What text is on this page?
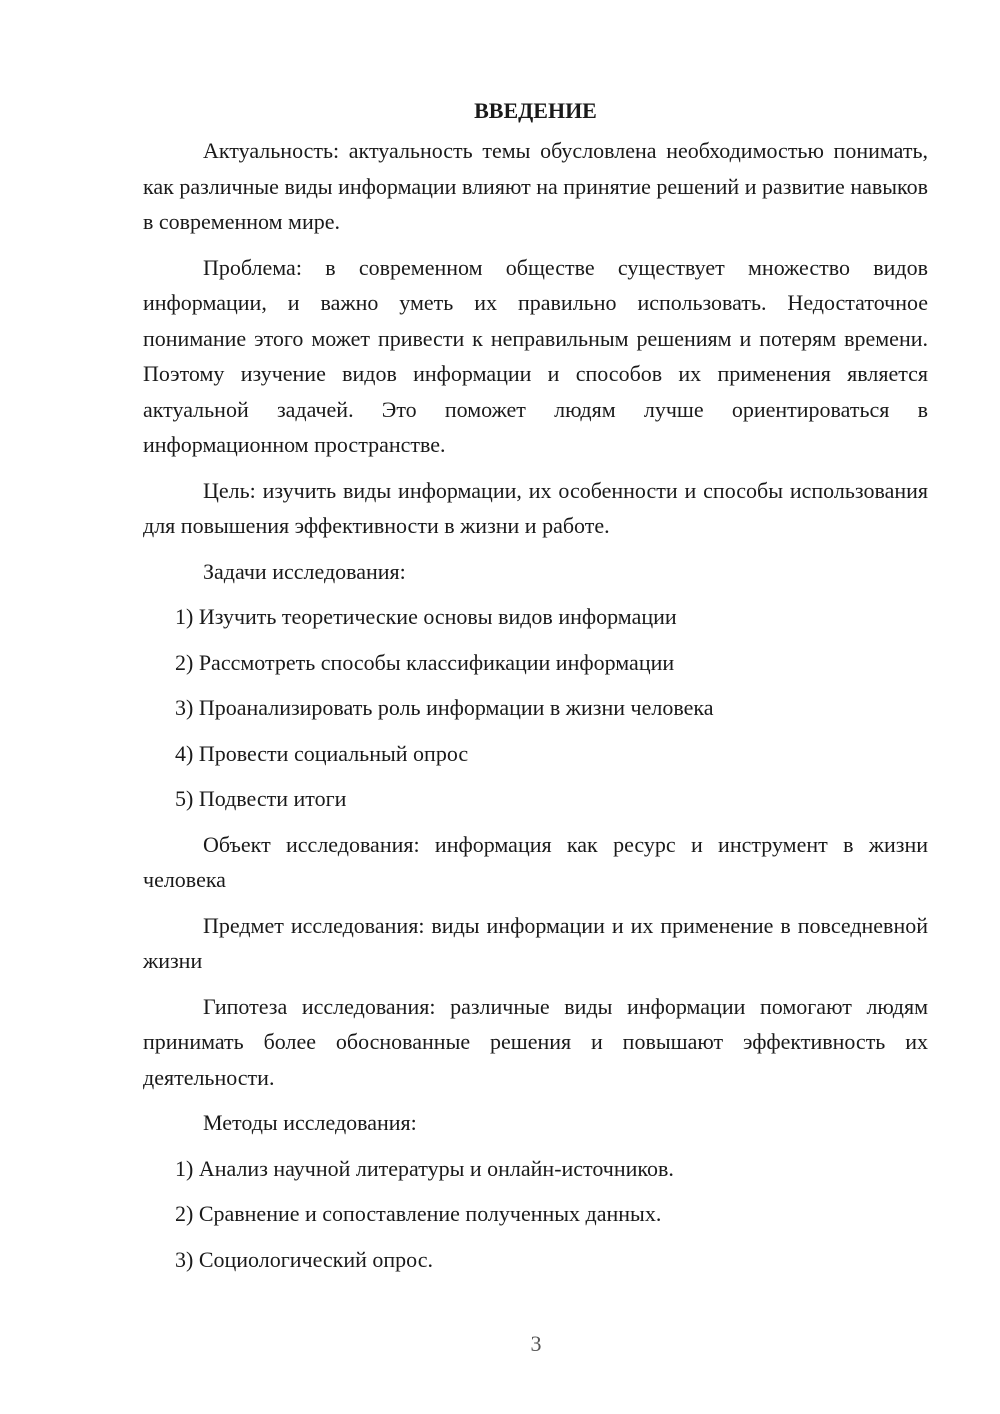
ВВЕДЕНИЕ

Актуальность: актуальность темы обусловлена необходимостью понимать, как различные виды информации влияют на принятие решений и развитие навыков в современном мире.

Проблема: в современном обществе существует множество видов информации, и важно уметь их правильно использовать. Недостаточное понимание этого может привести к неправильным решениям и потерям времени. Поэтому изучение видов информации и способов их применения является актуальной задачей. Это поможет людям лучше ориентироваться в информационном пространстве.

Цель: изучить виды информации, их особенности и способы использования для повышения эффективности в жизни и работе.

Задачи исследования:

1) Изучить теоретические основы видов информации
2) Рассмотреть способы классификации информации
3) Проанализировать роль информации в жизни человека
4) Провести социальный опрос
5) Подвести итоги

Объект исследования: информация как ресурс и инструмент в жизни человека

Предмет исследования: виды информации и их применение в повседневной жизни

Гипотеза исследования: различные виды информации помогают людям принимать более обоснованные решения и повышают эффективность их деятельности.

Методы исследования:

1) Анализ научной литературы и онлайн-источников.
2) Сравнение и сопоставление полученных данных.
3) Социологический опрос.
3
